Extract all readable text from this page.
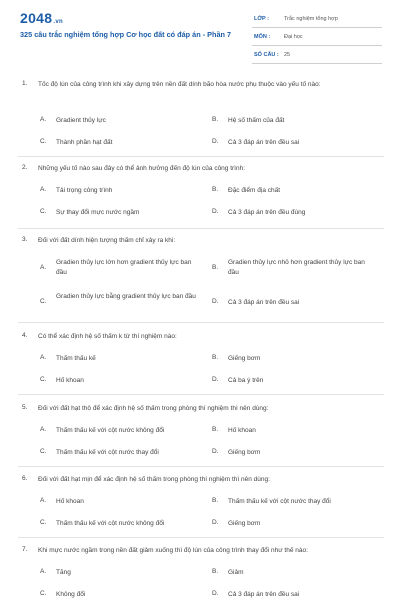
2048.vn
325 câu trắc nghiệm tổng hợp Cơ học đất có đáp án - Phần 7
LỚP :	Trắc nghiệm tổng hợp
MÔN :	Đại học
SỐ CÂU : 25
1. Tốc độ lún của công trình khi xây dựng trên nền đất dính bão hòa nước phụ thuộc vào yếu tố nào:
A. Gradient thủy lực	B. Hệ số thấm của đất
C. Thành phần hạt đất	D. Cả 3 đáp án trên đều sai
2. Những yếu tố nào sau đây có thể ảnh hưởng đến độ lún của công trình:
A. Tải trọng công trình	B. Đặc điểm địa chất
C. Sự thay đổi mực nước ngầm	D. Cả 3 đáp án trên đều đúng
3. Đối với đất dính hiện tượng thấm chỉ xảy ra khi:
A.
Gradien thủy lực lớn hơn gradient thủy lực ban đầu
B.
Gradien thủy lực nhỏ hơn gradient thủy lực ban đầu
C.
Gradien thủy lực bằng gradient thủy lực ban đầu
D. Cả 3 đáp án trên đều sai
4. Có thể xác định hệ số thấm k từ thí nghiệm nào:
A. Thấm thấu kế	B. Giếng bơm
C. Hố khoan	D. Cả ba ý trên
5. Đối với đất hạt thô để xác định hệ số thấm trong phòng thí nghiệm thì nên dùng:
A. Thấm thấu kế với cột nước không đổi	B. Hố khoan
C. Thấm thấu kế với cột nước thay đổi	D. Giếng bơm
6. Đối với đất hạt mịn để xác định hệ số thấm trong phòng thí nghiệm thì nên dùng:
A. Hố khoan	B. Thấm thấu kế với cột nước thay đổi
C. Thấm thấu kế với cột nước không đổi	D. Giếng bơm
7. Khi mực nước ngầm trong nền đất giảm xuống thì độ lún của công trình thay đổi như thế nào:
A. Tăng	B. Giảm
C. Không đổi	D. Cả 3 đáp án trên đều sai
